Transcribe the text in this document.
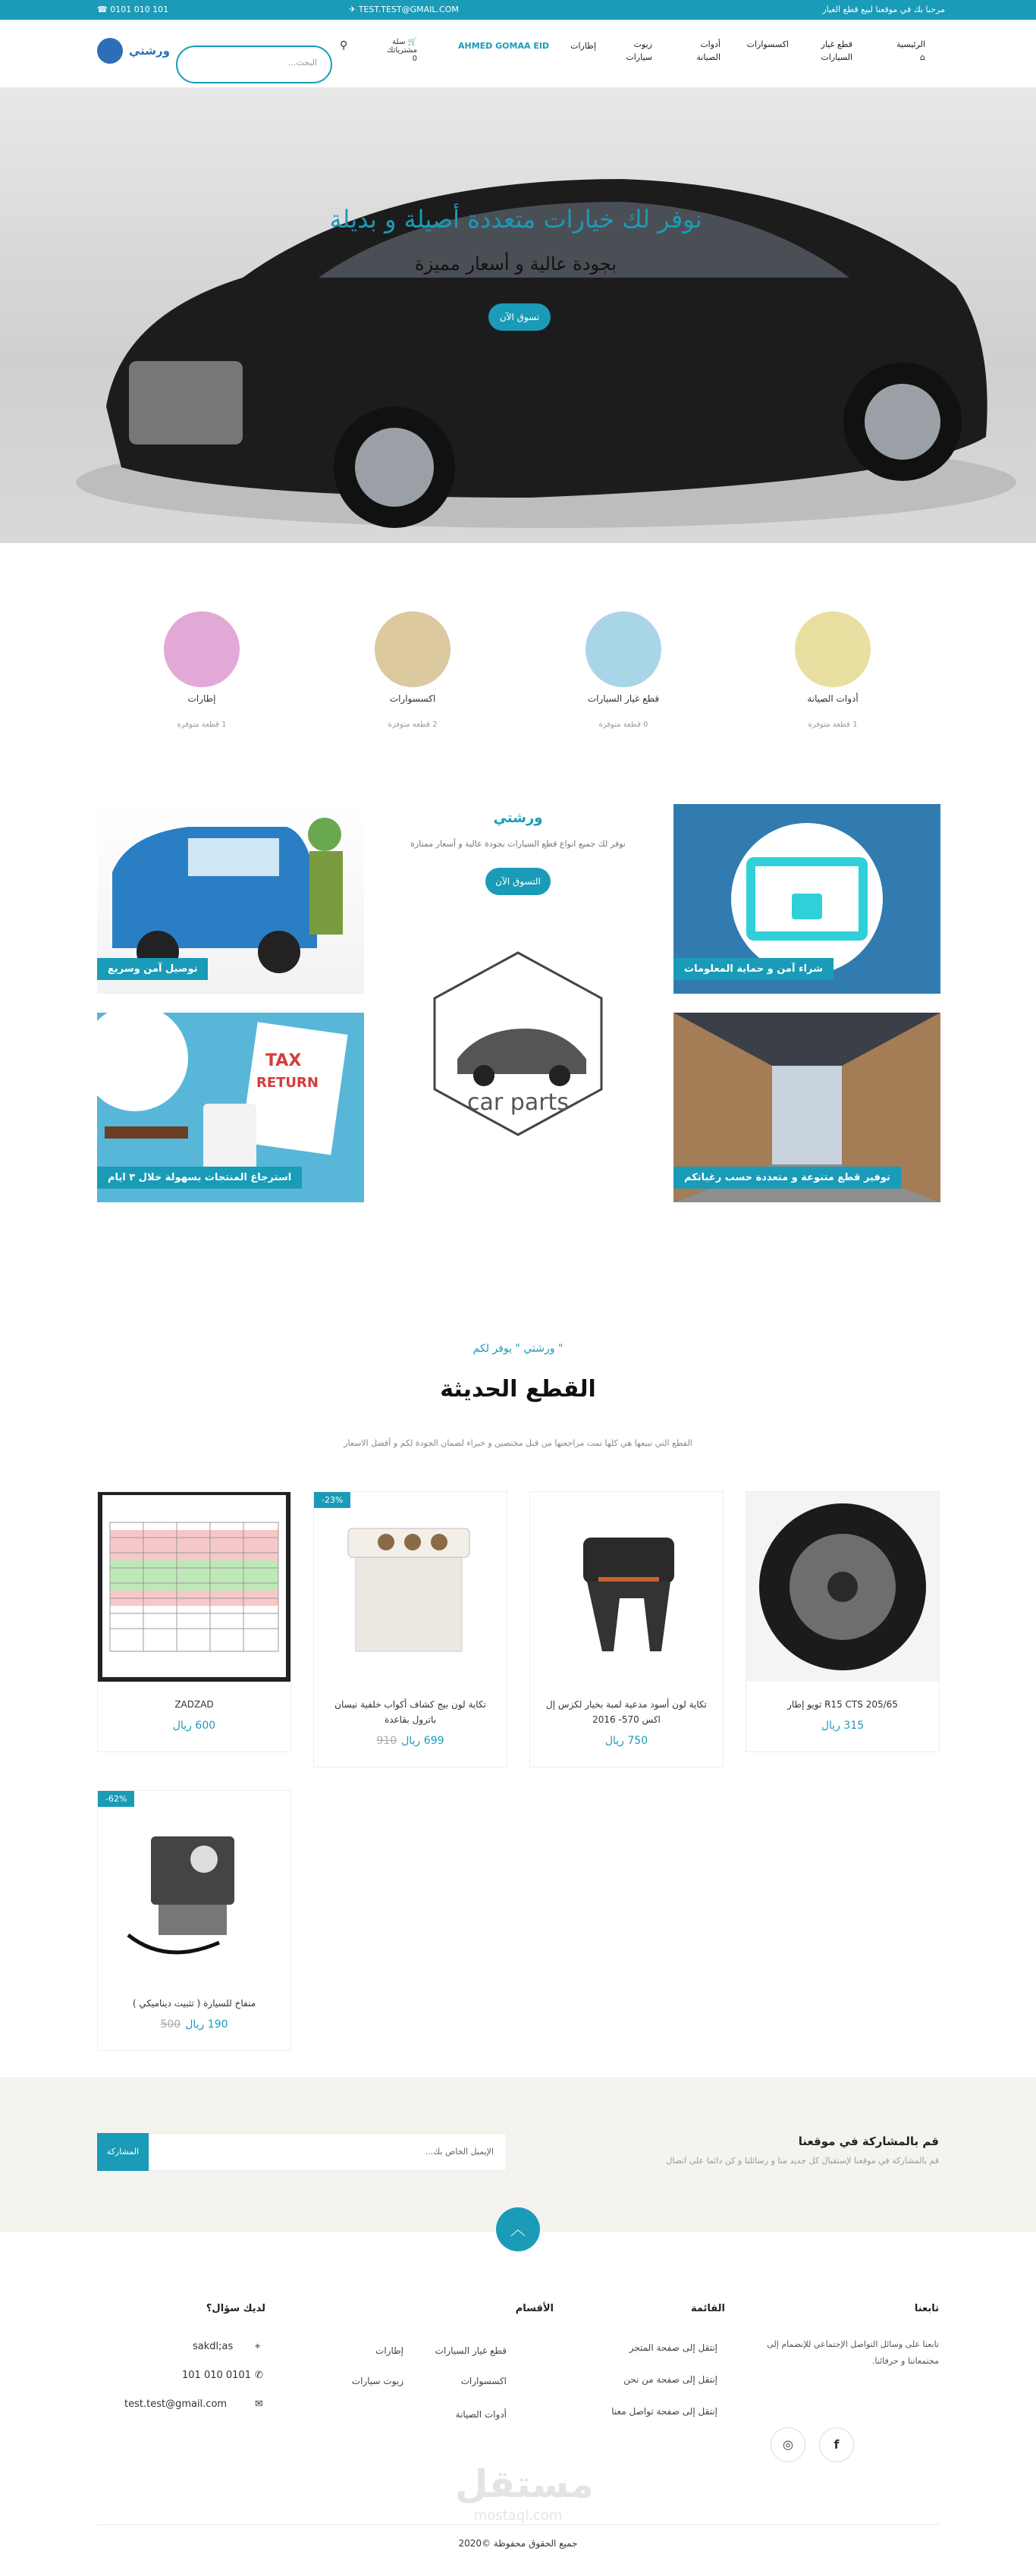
مرحبا بك في موقعنا لبيع قطع الغيار
✈ TEST.TEST@GMAIL.COM
☎ 0101 010 101
الرئيسية
⌂
قطع غيار السيارات
اكسسوارات
أدوات الصيانة
زيوت سيارات
إطارات
AHMED GOMAA EID
🛒 سلة مشترياتك
0
⚲
البحث...
ورشتي
نوفر لك خيارات متعددة أصيلة و بديلة
بجودة عالية و أسعار مميزة
تسوق الآن
أدوات الصيانة
1 قطعة متوفرة
قطع غيار السيارات
0 قطعة متوفرة
اكسسوارات
2 قطعة متوفرة
إطارات
1 قطعة متوفرة
توصيل آمن وسريع	شراء آمن و حماية المعلومات
TAX
RETURN
استرجاع المنتجات بسهولة خلال ٣ ايام	توفير قطع متنوعة و متعددة حسب رغباتكم
ورشتي
نوفر لك جميع انواع قطع السيارات بجودة عالية و أسعار ممتازة
التسوق الآن
car parts
" ورشتي " يوفر لكم
القطع الحديثة
القطع التي نبيعها هي كلها تمت مراجعتها من قبل مختصين و خبراء لضمان الجودة لكم و أفضل الاسعار
ZADZAD
600 ريال
-23%
تكاية لون بيج كشاف أكواب خلفية نيسان باترول بقاعدة
699 ريال910
تكاية لون أسود مدعية لمبة بخيار لكزس إل اكس 570- 2016
750 ريال
205/65 R15 CTS تويو إطار
315 ريال
-62%
منفاخ للسيارة ( تثبيت ديناميكي )
190 ريال500
قم بالمشاركة في موقعنا
قم بالمشاركة في موقعنا لإستقبال كل جديد منا و رسائلنا و كن دائما على اتصال
الإيميل الخاص بك...
المشاركة
︿
تابعنا
تابعنا على وسائل التواصل الإجتماعي للإنضمام إلى مجتمعاتنا و حرفائنا.
f
◎
القائمة
إنتقل إلى صفحة المتجر
إنتقل إلى صفحة من نحن
إنتقل إلى صفحة تواصل معنا
الأقسام
قطع غيار السيارات
إطارات
اكسسوارات
زيوت سيارات
أدوات الصيانة
لديك سؤال؟
⌖
sakdl;as
✆
101 010 0101
✉
test.test@gmail.com
مستقل
mostaql.com
جميع الحقوق محفوظة ©2020
